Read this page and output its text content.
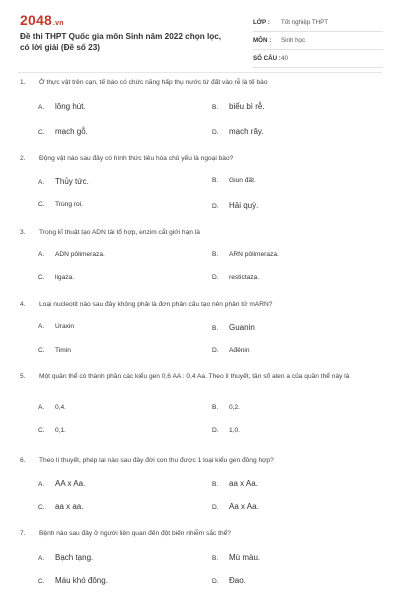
2048.vn
Đề thi THPT Quốc gia môn Sinh năm 2022 chọn lọc, có lời giải (Đề số 23)
LỚP :	Tốt nghiệp THPT
MÔN :	Sinh học
SỐ CÂU : 40
1.	Ở thực vật trên cạn, tế bào có chức năng hấp thụ nước từ đất vào rễ là tế bào
A.	lông hút.	B.	biểu bì rễ.
C.	mạch gỗ.	D.	mạch rây.
2.	Động vật nào sau đây có hình thức tiêu hóa chủ yếu là ngoại bào?
A.	Thủy tức.	B.	Giun đất.
C.	Trùng roi.	D.	Hải quỳ.
3.	Trong kĩ thuật tạo ADN tái tổ hợp, enzim cắt giới hạn là
A.	ADN pôlimeraza.	B.	ARN pôlimeraza.
C.	ligaza.	D.	restictaza.
4.	Loại nucleotit nào sau đây không phải là đơn phân cấu tạo nên phân tử mARN?
A.	Uraxin	B.	Guanin
C.	Timin	D.	Ađênin
5.	Một quần thể có thành phần các kiểu gen 0,6 AA : 0,4 Aa. Theo lí thuyết, tần số alen a của quần thể này là
A.	0,4.	B.	0,2.
C.	0,1.	D.	1,0.
6.	Theo lí thuyết, phép lai nào sau đây đời con thu được 1 loại kiểu gen đồng hợp?
A.	AA x Aa.	B.	aa x Aa.
C.	aa x aa.	D.	Aa x Aa.
7.	Bệnh nào sau đây ở người liên quan đến đột biến nhiễm sắc thể?
A.	Bạch tạng.	B.	Mù màu.
C.	Máu khó đông.	D.	Đao.
